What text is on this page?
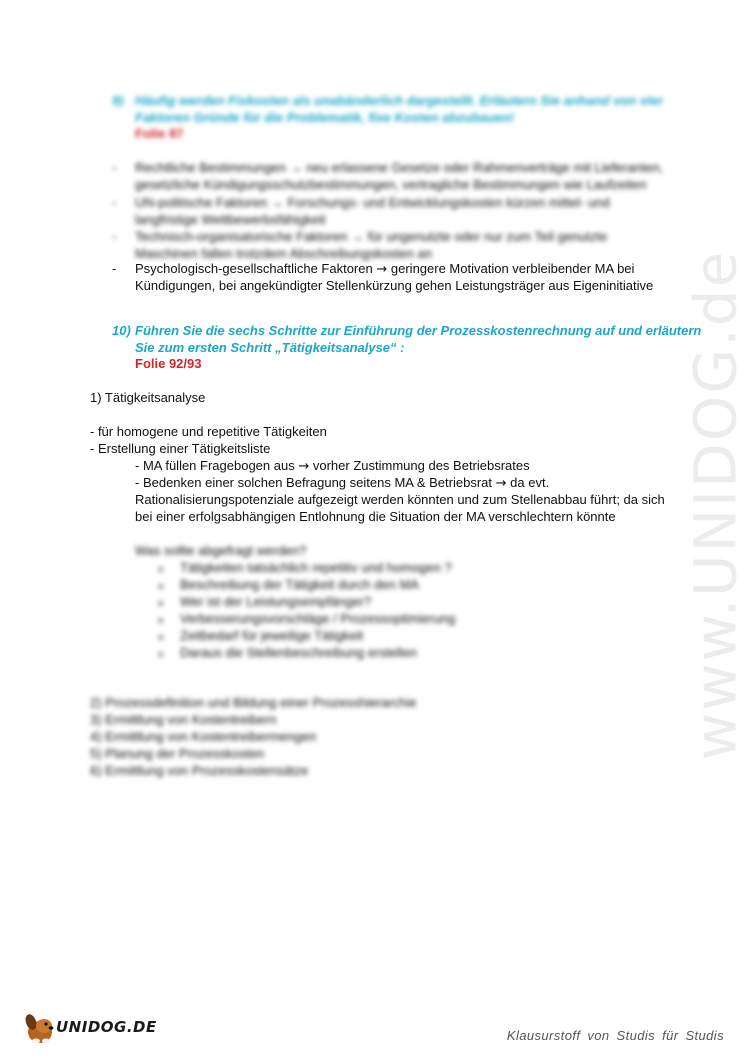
www.UNIDOG.de
9) Häufig werden Fixkosten als unabänderlich dargestellt. Erläutern Sie anhand von vier
Faktoren Gründe für die Problematik, fixe Kosten abzubauen!
Folie 87
- Rechtliche Bestimmungen → neu erlassene Gesetze oder Rahmenverträge mit Lieferanten,
gesetzliche Kündigungsschutzbestimmungen, vertragliche Bestimmungen wie Laufzeiten
- UN-politische Faktoren → Forschungs- und Entwicklungskosten kürzen mittel- und
langfristige Wettbewerbsfähigkeit
- Technisch-organisatorische Faktoren → für ungenutzte oder nur zum Teil genutzte
Maschinen fallen trotzdem Abschreibungskosten an
- Psychologisch-gesellschaftliche Faktoren → geringere Motivation verbleibender MA bei
Kündigungen, bei angekündigter Stellenkürzung gehen Leistungsträger aus Eigeninitiative
10) Führen Sie die sechs Schritte zur Einführung der Prozesskostenrechnung auf und erläutern
Sie zum ersten Schritt „Tätigkeitsanalyse“ :
Folie 92/93
1) Tätigkeitsanalyse
- für homogene und repetitive Tätigkeiten
- Erstellung einer Tätigkeitsliste
- MA füllen Fragebogen aus → vorher Zustimmung des Betriebsrates
- Bedenken einer solchen Befragung seitens MA & Betriebsrat → da evt.
Rationalisierungspotenziale aufgezeigt werden könnten und zum Stellenabbau führt; da sich
bei einer erfolgsabhängigen Entlohnung die Situation der MA verschlechtern könnte
Was sollte abgefragt werden?
o Tätigkeiten tatsächlich repetitiv und homogen ?
o Beschreibung der Tätigkeit durch den MA
o Wer ist der Leistungsempfänger?
o Verbesserungsvorschläge / Prozessoptimierung
o Zeitbedarf für jeweilige Tätigkeit
o Daraus die Stellenbeschreibung erstellen
2) Prozessdefinition und Bildung einer Prozesshierarchie
3) Ermittlung von Kostentreibern
4) Ermittlung von Kostentreibermengen
5) Planung der Prozesskosten
6) Ermittlung von Prozesskostensätze
UNIDOG.DE	Klausurstoff von Studis für Studis
